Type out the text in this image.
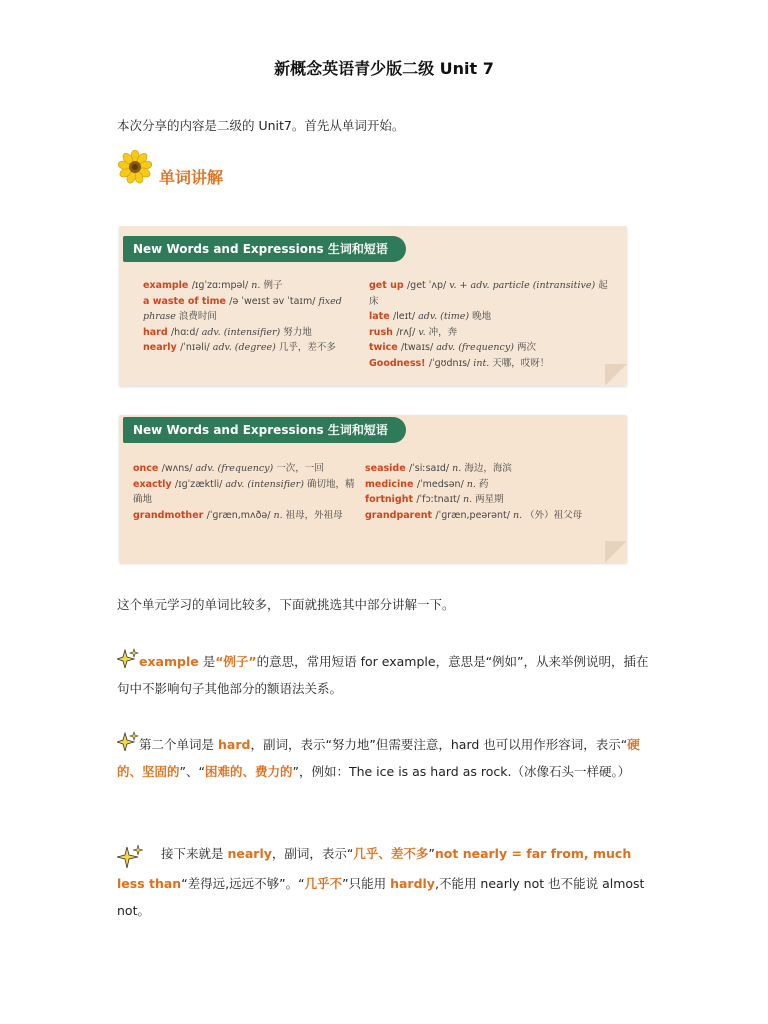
新概念英语青少版二级 Unit 7
本次分享的内容是二级的 Unit7。首先从单词开始。
单词讲解
New Words and Expressions 生词和短语
example /ɪɡˈzɑːmpəl/ n. 例子
a waste of time /ə ˈweɪst əv ˈtaɪm/ fixed phrase 浪费时间
hard /hɑːd/ adv. (intensifier) 努力地
nearly /ˈnɪəli/ adv. (degree) 几乎，差不多
get up /get ˈʌp/ v. + adv. particle (intransitive) 起床
late /leɪt/ adv. (time) 晚地
rush /rʌʃ/ v. 冲，奔
twice /twaɪs/ adv. (frequency) 两次
Goodness! /ˈɡʊdnɪs/ int. 天哪，哎呀！
New Words and Expressions 生词和短语
once /wʌns/ adv. (frequency) 一次，一回
exactly /ɪɡˈzæktli/ adv. (intensifier) 确切地，精确地
grandmother /ˈɡræn,mʌðə/ n. 祖母，外祖母
seaside /ˈsiːsaɪd/ n. 海边，海滨
medicine /ˈmedsən/ n. 药
fortnight /ˈfɔːtnaɪt/ n. 两星期
grandparent /ˈɡræn,peərənt/ n. （外）祖父母
这个单元学习的单词比较多，下面就挑选其中部分讲解一下。
example 是“例子”的意思，常用短语 for example，意思是“例如”，从来举例说明，插在句中不影响句子其他部分的额语法关系。
第二个单词是 hard，副词，表示“努力地”但需要注意，hard 也可以用作形容词，表示“硬的、坚固的”、“困难的、费力的”，例如：The ice is as hard as rock.（冰像石头一样硬。）
接下来就是 nearly，副词，表示“几乎、差不多”not nearly = far from, much less than“差得远,远远不够”。“几乎不”只能用 hardly,不能用 nearly not 也不能说 almost not。
